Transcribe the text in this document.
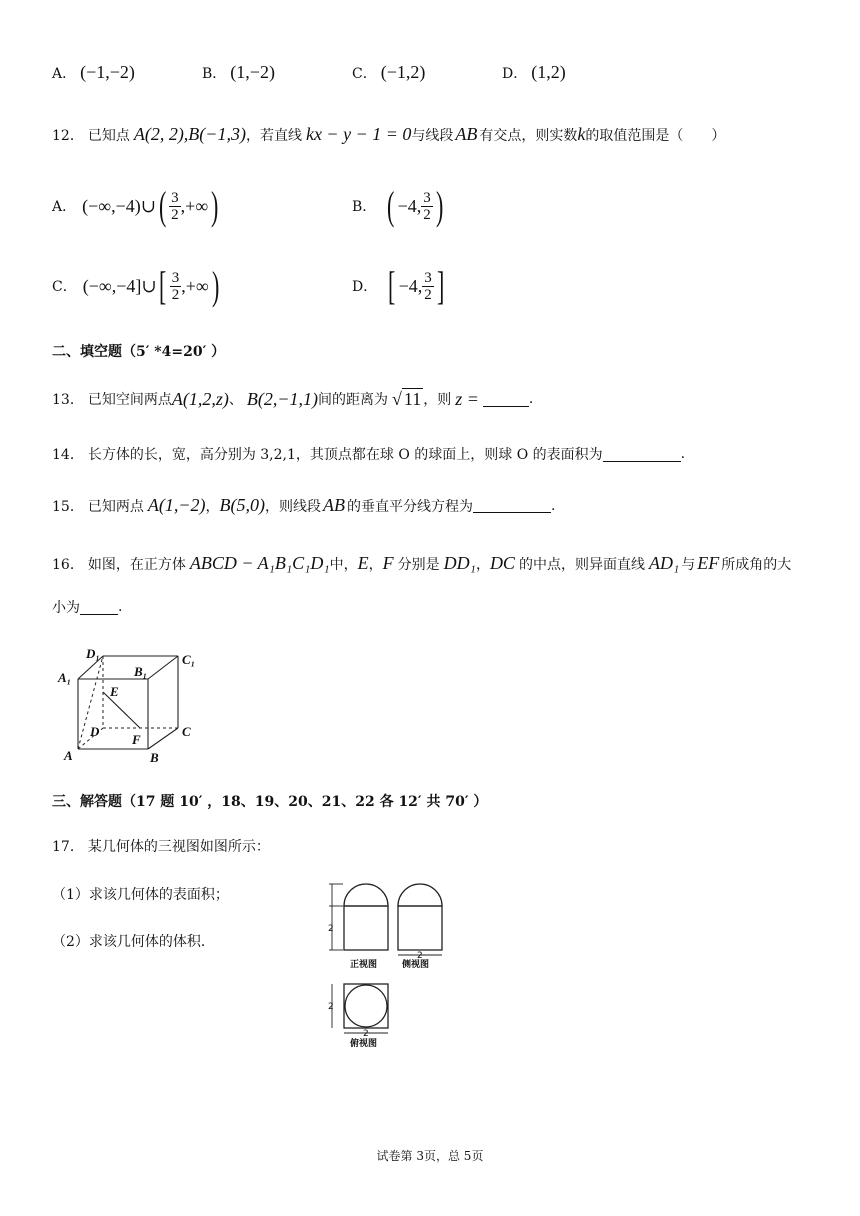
A． (−1,−2)	B． (1,−2)	C． (−1,2)	D． (1,2)
12． 已知点 A(2, 2),B(−1,3) ，若直线 kx − y − 1 = 0 与线段 AB 有交点，则实数 k 的取值范围是（　　）
A． (−∞,−4)∪ ( $\frac{3}{2}$ ,+∞ )	B． ( −4, $\frac{3}{2}$ )
C． (−∞,−4]∪ [ $\frac{3}{2}$ ,+∞ )	D． [ −4, $\frac{3}{2}$ ]
二、填空题（5′ *4=20′ ）
13． 已知空间两点 A(1,2,z) 、 B(2,−1,1) 间的距离为 √ 11 ，则 z =	.
14． 长方体的长，宽，高分别为 3,2,1，其顶点都在球 O 的球面上，则球 O 的表面积为	.
15． 已知两点 A(1,−2) ， B(5,0) ，则线段 AB 的垂直平分线方程为	.
16． 如图，在正方体 ABCD − A₁B₁C₁D₁ 中， E ， F 分别是 DD₁ ， DC 的中点，则异面直线 AD₁ 与 EF 所成角的大
小为	.
D₁	C₁
A₁	B₁
E
D
F
C
A	B
三、解答题（17 题 10′ ，18、19、20、21、22 各 12′ 共 70′ ）
17． 某几何体的三视图如图所示：
（1）求该几何体的表面积；
（2）求该几何体的体积．
2
2
2
2
正视图	侧视图
俯视图
试卷第 3页，总 5页
